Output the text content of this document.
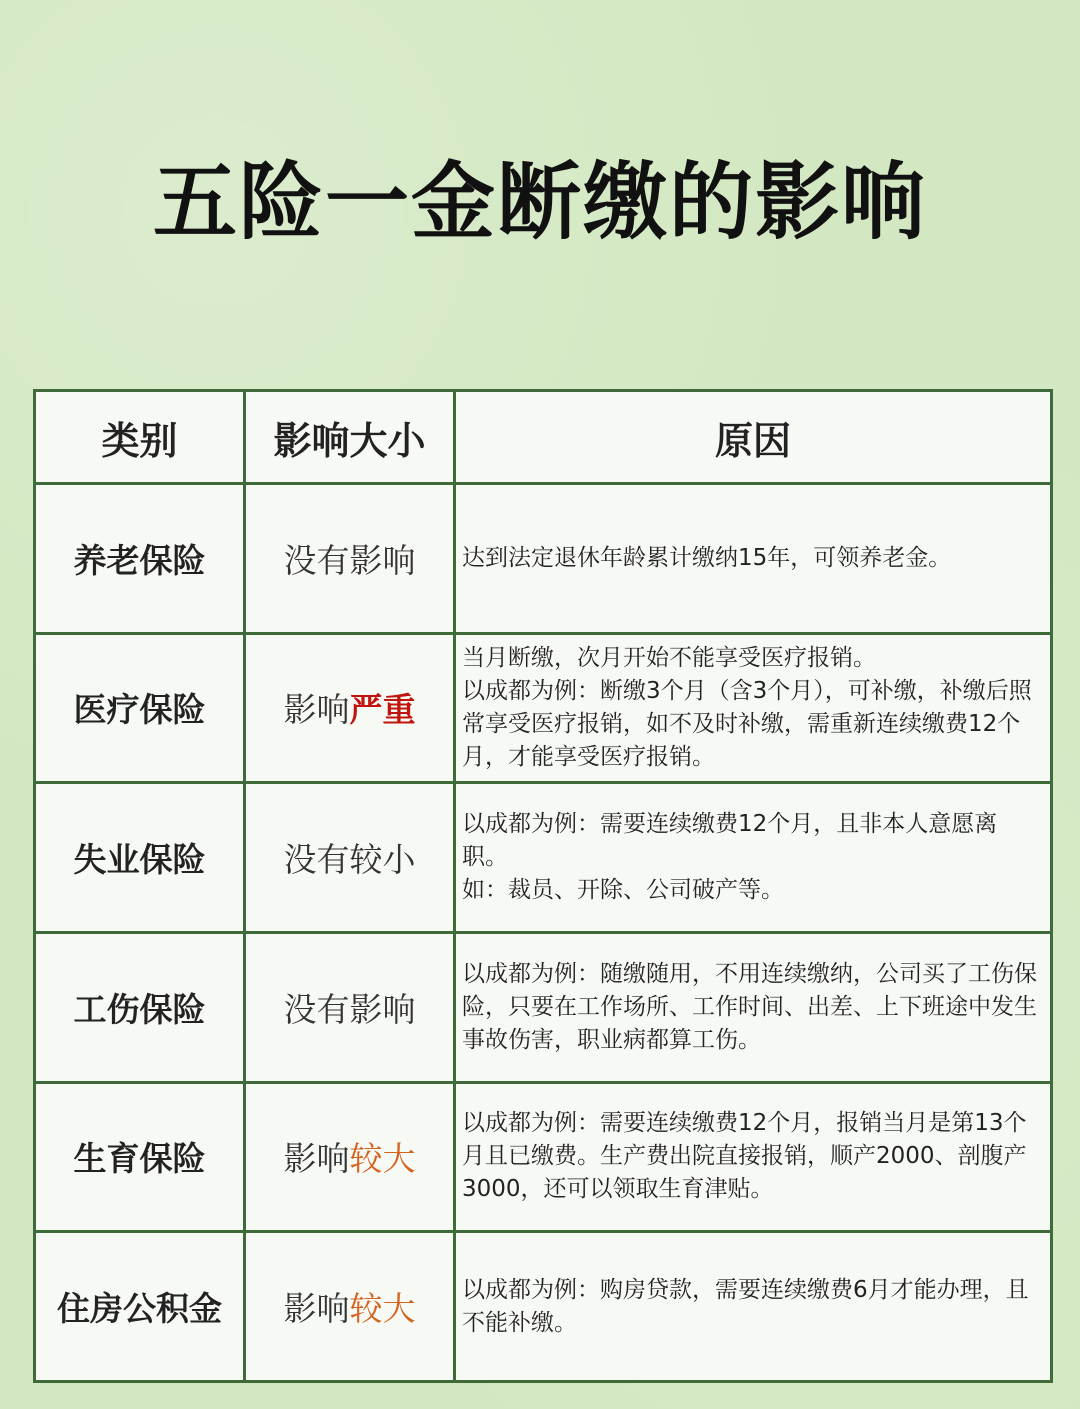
五险一金断缴的影响
类别	影响大小	原因
养老保险	没有影响	达到法定退休年龄累计缴纳15年，可领养老金。

医疗保险	影响严重	当月断缴，次月开始不能享受医疗报销。
以成都为例：断缴3个月（含3个月），可补缴，补缴后照常享受医疗报销，如不及时补缴，需重新连续缴费12个月，才能享受医疗报销。

失业保险	没有较小	以成都为例：需要连续缴费12个月，且非本人意愿离职。
如：裁员、开除、公司破产等。

工伤保险	没有影响	以成都为例：随缴随用，不用连续缴纳，公司买了工伤保险，只要在工作场所、工作时间、出差、上下班途中发生事故伤害，职业病都算工伤。

生育保险	影响较大	以成都为例：需要连续缴费12个月，报销当月是第13个月且已缴费。生产费出院直接报销，顺产2000、剖腹产3000，还可以领取生育津贴。

住房公积金	影响较大	以成都为例：购房贷款，需要连续缴费6月才能办理，且不能补缴。
